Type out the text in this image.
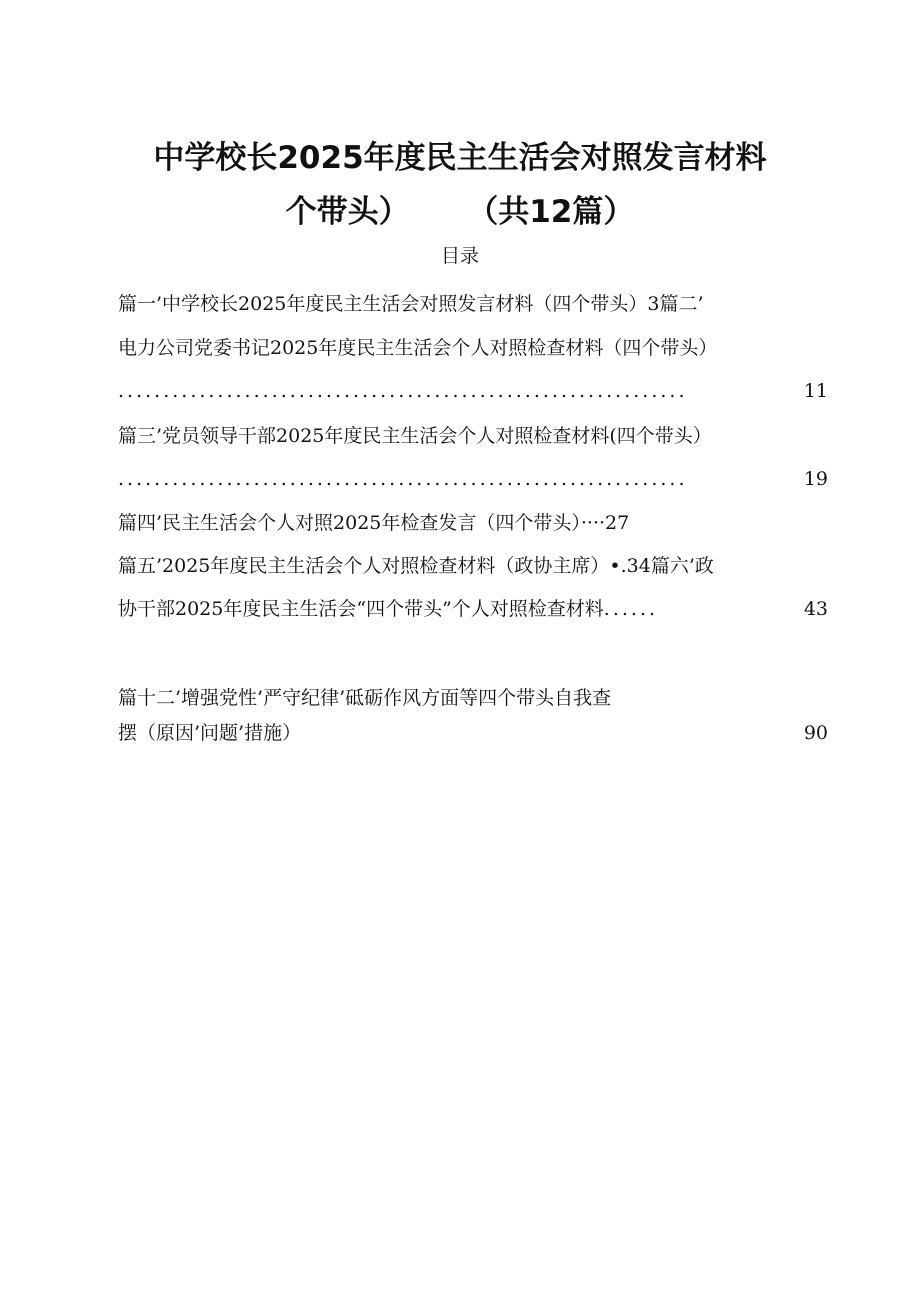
中学校长2025年度民主生活会对照发言材料
个带头） （共12篇）
目录
篇一’中学校长2025年度民主生活会对照发言材料（四个带头）3篇二’
电力公司党委书记2025年度民主生活会个人对照检查材料（四个带头）
...............................................................	11
篇三’党员领导干部2025年度民主生活会个人对照检查材料(四个带头）
...............................................................	19
篇四’民主生活会个人对照2025年检查发言（四个带头）····27
篇五’2025年度民主生活会个人对照检查材料（政协主席）•.34篇六’政
协干部2025年度民主生活会“四个带头”个人对照检查材料 ......	43
篇十二’增强党性’严守纪律’砥砺作风方面等四个带头自我查
摆（原因’问题’措施）	90
